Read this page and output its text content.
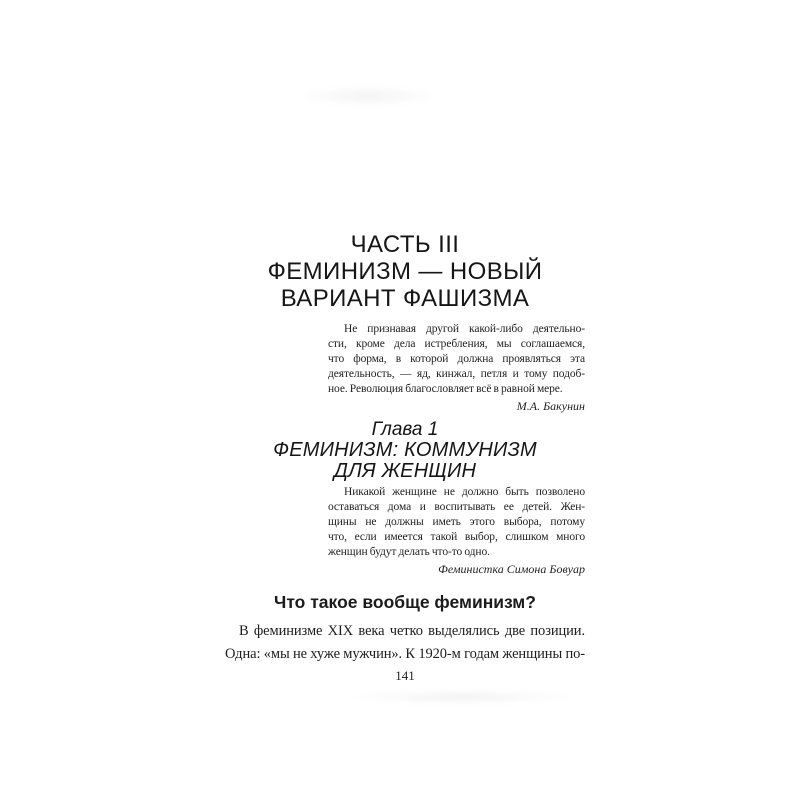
ЧАСТЬ III
ФЕМИНИЗМ — НОВЫЙ
ВАРИАНТ ФАШИЗМА
Не признавая другой какой-либо деятельно-
сти, кроме дела истребления, мы соглашаемся,
что форма, в которой должна проявляться эта
деятельность, — яд, кинжал, петля и тому подоб-
ное. Революция благословляет всё в равной мере.
М.А. Бакунин
Глава 1
ФЕМИНИЗМ: КОММУНИЗМ
ДЛЯ ЖЕНЩИН
Никакой женщине не должно быть позволено
оставаться дома и воспитывать ее детей. Жен-
щины не должны иметь этого выбора, потому
что, если имеется такой выбор, слишком много
женщин будут делать что-то одно.
Феминистка Симона Бовуар
Что такое вообще феминизм?
В феминизме XIX века четко выделялись две позиции.
Одна: «мы не хуже мужчин». К 1920-м годам женщины по-
141
